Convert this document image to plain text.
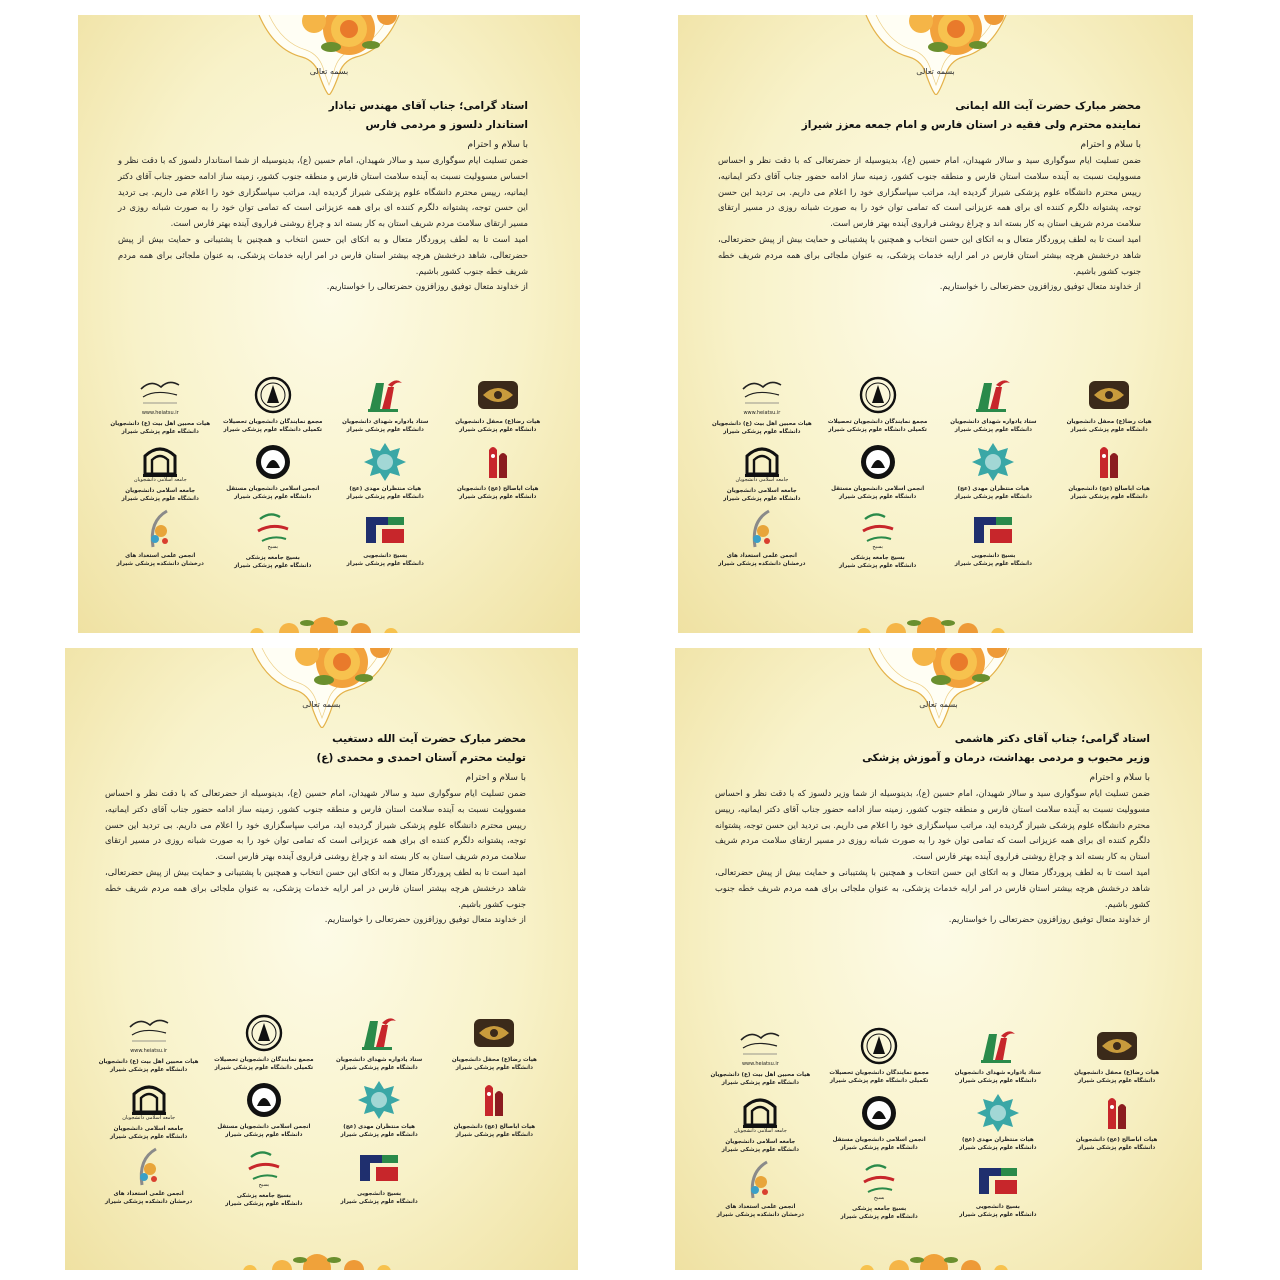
بسمه تعالی

استاد گرامی؛ جناب آقای مهندس تبادار

استاندار دلسوز و مردمی فارس

با سلام و احترام

ضمن تسلیت ایام سوگواری سید و سالار شهیدان، امام حسین (ع)، بدینوسیله از شما استاندار دلسوز که با دقت نظر و احساس مسوولیت نسبت به آینده سلامت استان فارس و منطقه جنوب کشور، زمینه ساز ادامه حضور جناب آقای دکتر ایمانیه، رییس محترم دانشگاه علوم پزشکی شیراز گردیده اید، مراتب سپاسگزاری خود را اعلام می داریم. بی تردید این حسن توجه، پشتوانه دلگرم کننده ای برای همه عزیزانی است که تمامی توان خود را به صورت شبانه روزی در مسیر ارتقای سلامت مردم شریف استان به کار بسته اند و چراغ روشنی فراروی آینده بهتر فارس است.

امید است تا به لطف پروردگار متعال و به اتکای این حسن انتخاب و همچنین با پشتیبانی و حمایت بیش از پیش حضرتعالی، شاهد درخشش هرچه بیشتر استان فارس در امر ارایه خدمات پزشکی، به عنوان ملجائی برای همه مردم شریف خطه جنوب کشور باشیم.

از خداوند متعال توفیق روزافزون حضرتعالی را خواستاریم.

هیات رضا(ع) محفل دانشجویان
دانشگاه علوم پزشکی شیراز
ستاد یادواره شهدای دانشجویان
دانشگاه علوم پزشکی شیراز
مجمع نمایندگان دانشجویان تحصیلات
تکمیلی دانشگاه علوم پزشکی شیراز
www.heiatsu.ir
هیات محبین اهل بیت (ع) دانشجویان
دانشگاه علوم پزشکی شیراز
هیات اباصالح (عج) دانشجویان
دانشگاه علوم پزشکی شیراز
هیات منتظران مهدی (عج)
دانشگاه علوم پزشکی شیراز
انجمن اسلامی دانشجویان مستقل
دانشگاه علوم پزشکی شیراز
جامعه اسلامی دانشجویان
جامعه اسلامی دانشجویان
دانشگاه علوم پزشکی شیراز
بسیج دانشجویی
دانشگاه علوم پزشکی شیراز
بسیج
بسیج جامعه پزشکی
دانشگاه علوم پزشکی شیراز
انجمن علمی استعداد های
درخشان دانشکده پزشکی شیراز
بسمه تعالی

محضر مبارک حضرت آیت الله ایمانی

نماینده محترم ولی فقیه در استان فارس و امام جمعه معزز شیراز

با سلام و احترام

ضمن تسلیت ایام سوگواری سید و سالار شهیدان، امام حسین (ع)، بدینوسیله از حضرتعالی که با دقت نظر و احساس مسوولیت نسبت به آینده سلامت استان فارس و منطقه جنوب کشور، زمینه ساز ادامه حضور جناب آقای دکتر ایمانیه، رییس محترم دانشگاه علوم پزشکی شیراز گردیده اید، مراتب سپاسگزاری خود را اعلام می داریم. بی تردید این حسن توجه، پشتوانه دلگرم کننده ای برای همه عزیزانی است که تمامی توان خود را به صورت شبانه روزی در مسیر ارتقای سلامت مردم شریف استان به کار بسته اند و چراغ روشنی فراروی آینده بهتر فارس است.

امید است تا به لطف پروردگار متعال و به اتکای این حسن انتخاب و همچنین با پشتیبانی و حمایت بیش از پیش حضرتعالی، شاهد درخشش هرچه بیشتر استان فارس در امر ارایه خدمات پزشکی، به عنوان ملجائی برای همه مردم شریف خطه جنوب کشور باشیم.

از خداوند متعال توفیق روزافزون حضرتعالی را خواستاریم.

هیات رضا(ع) محفل دانشجویان
دانشگاه علوم پزشکی شیراز
ستاد یادواره شهدای دانشجویان
دانشگاه علوم پزشکی شیراز
مجمع نمایندگان دانشجویان تحصیلات
تکمیلی دانشگاه علوم پزشکی شیراز
www.heiatsu.ir
هیات محبین اهل بیت (ع) دانشجویان
دانشگاه علوم پزشکی شیراز
هیات اباصالح (عج) دانشجویان
دانشگاه علوم پزشکی شیراز
هیات منتظران مهدی (عج)
دانشگاه علوم پزشکی شیراز
انجمن اسلامی دانشجویان مستقل
دانشگاه علوم پزشکی شیراز
جامعه اسلامی دانشجویان
جامعه اسلامی دانشجویان
دانشگاه علوم پزشکی شیراز
بسیج دانشجویی
دانشگاه علوم پزشکی شیراز
بسیج
بسیج جامعه پزشکی
دانشگاه علوم پزشکی شیراز
انجمن علمی استعداد های
درخشان دانشکده پزشکی شیراز
بسمه تعالی

محضر مبارک حضرت آیت الله دستغیب

تولیت محترم آستان احمدی و محمدی (ع)

با سلام و احترام

ضمن تسلیت ایام سوگواری سید و سالار شهیدان، امام حسین (ع)، بدینوسیله از حضرتعالی که با دقت نظر و احساس مسوولیت نسبت به آینده سلامت استان فارس و منطقه جنوب کشور، زمینه ساز ادامه حضور جناب آقای دکتر ایمانیه، رییس محترم دانشگاه علوم پزشکی شیراز گردیده اید، مراتب سپاسگزاری خود را اعلام می داریم. بی تردید این حسن توجه، پشتوانه دلگرم کننده ای برای همه عزیزانی است که تمامی توان خود را به صورت شبانه روزی در مسیر ارتقای سلامت مردم شریف استان به کار بسته اند و چراغ روشنی فراروی آینده بهتر فارس است.

امید است تا به لطف پروردگار متعال و به اتکای این حسن انتخاب و همچنین با پشتیبانی و حمایت بیش از پیش حضرتعالی، شاهد درخشش هرچه بیشتر استان فارس در امر ارایه خدمات پزشکی، به عنوان ملجائی برای همه مردم شریف خطه جنوب کشور باشیم.

از خداوند متعال توفیق روزافزون حضرتعالی را خواستاریم.

هیات رضا(ع) محفل دانشجویان
دانشگاه علوم پزشکی شیراز
ستاد یادواره شهدای دانشجویان
دانشگاه علوم پزشکی شیراز
مجمع نمایندگان دانشجویان تحصیلات
تکمیلی دانشگاه علوم پزشکی شیراز
www.heiatsu.ir
هیات محبین اهل بیت (ع) دانشجویان
دانشگاه علوم پزشکی شیراز
هیات اباصالح (عج) دانشجویان
دانشگاه علوم پزشکی شیراز
هیات منتظران مهدی (عج)
دانشگاه علوم پزشکی شیراز
انجمن اسلامی دانشجویان مستقل
دانشگاه علوم پزشکی شیراز
جامعه اسلامی دانشجویان
جامعه اسلامی دانشجویان
دانشگاه علوم پزشکی شیراز
بسیج دانشجویی
دانشگاه علوم پزشکی شیراز
بسیج
بسیج جامعه پزشکی
دانشگاه علوم پزشکی شیراز
انجمن علمی استعداد های
درخشان دانشکده پزشکی شیراز
بسمه تعالی

استاد گرامی؛ جناب آقای دکتر هاشمی

وزیر محبوب و مردمی بهداشت، درمان و آموزش پزشکی

با سلام و احترام

ضمن تسلیت ایام سوگواری سید و سالار شهیدان، امام حسین (ع)، بدینوسیله از شما وزیر دلسوز که با دقت نظر و احساس مسوولیت نسبت به آینده سلامت استان فارس و منطقه جنوب کشور، زمینه ساز ادامه حضور جناب آقای دکتر ایمانیه، رییس محترم دانشگاه علوم پزشکی شیراز گردیده اید، مراتب سپاسگزاری خود را اعلام می داریم. بی تردید این حسن توجه، پشتوانه دلگرم کننده ای برای همه عزیزانی است که تمامی توان خود را به صورت شبانه روزی در مسیر ارتقای سلامت مردم شریف استان به کار بسته اند و چراغ روشنی فراروی آینده بهتر فارس است.

امید است تا به لطف پروردگار متعال و به اتکای این حسن انتخاب و همچنین با پشتیبانی و حمایت بیش از پیش حضرتعالی، شاهد درخشش هرچه بیشتر استان فارس در امر ارایه خدمات پزشکی، به عنوان ملجائی برای همه مردم شریف خطه جنوب کشور باشیم.

از خداوند متعال توفیق روزافزون حضرتعالی را خواستاریم.

هیات رضا(ع) محفل دانشجویان
دانشگاه علوم پزشکی شیراز
ستاد یادواره شهدای دانشجویان
دانشگاه علوم پزشکی شیراز
مجمع نمایندگان دانشجویان تحصیلات
تکمیلی دانشگاه علوم پزشکی شیراز
www.heiatsu.ir
هیات محبین اهل بیت (ع) دانشجویان
دانشگاه علوم پزشکی شیراز
هیات اباصالح (عج) دانشجویان
دانشگاه علوم پزشکی شیراز
هیات منتظران مهدی (عج)
دانشگاه علوم پزشکی شیراز
انجمن اسلامی دانشجویان مستقل
دانشگاه علوم پزشکی شیراز
جامعه اسلامی دانشجویان
جامعه اسلامی دانشجویان
دانشگاه علوم پزشکی شیراز
بسیج دانشجویی
دانشگاه علوم پزشکی شیراز
بسیج
بسیج جامعه پزشکی
دانشگاه علوم پزشکی شیراز
انجمن علمی استعداد های
درخشان دانشکده پزشکی شیراز
